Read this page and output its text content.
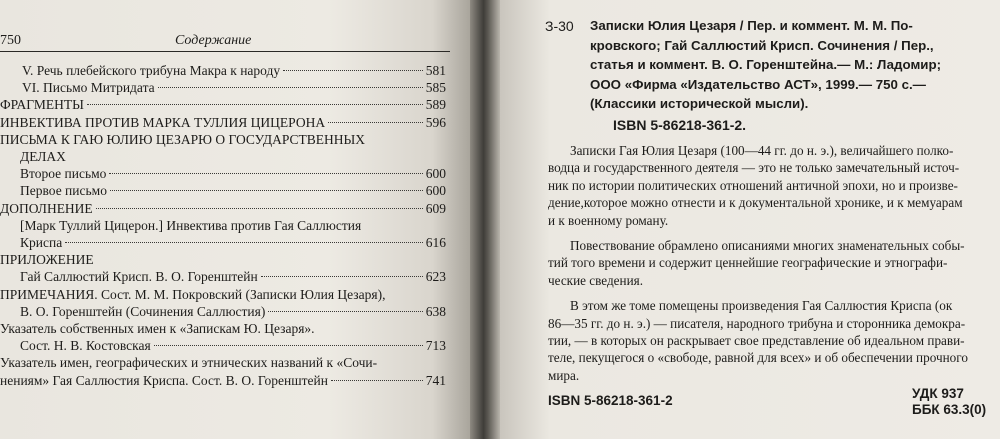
750	Содержание
V. Речь плебейского трибуна Макра к народу	581
VI. Письмо Митридата	585
ФРАГМЕНТЫ	589
ИНВЕКТИВА ПРОТИВ МАРКА ТУЛЛИЯ ЦИЦЕРОНА	596
ПИСЬМА К ГАЮ ЮЛИЮ ЦЕЗАРЮ О ГОСУДАРСТВЕННЫХ
ДЕЛАХ
Второе письмо	600
Первое письмо	600
ДОПОЛНЕНИЕ	609
[Марк Туллий Цицерон.] Инвектива против Гая Саллюстия
Криспа	616
ПРИЛОЖЕНИЕ
Гай Саллюстий Крисп. В. О. Горенштейн	623
ПРИМЕЧАНИЯ. Сост. М. М. Покровский (Записки Юлия Цезаря),
В. О. Горенштейн (Сочинения Саллюстия)	638
Указатель собственных имен к «Запискам Ю. Цезаря».
Сост. Н. В. Костовская	713
Указатель имен, географических и этнических названий к «Сочи-
нениям» Гая Саллюстия Криспа. Сост. В. О. Горенштейн	741
З-30 Записки Юлия Цезаря / Пер. и коммент. М. М. По-
кровского; Гай Саллюстий Крисп. Сочинения / Пер.,
статья и коммент. В. О. Горенштейна.— М.: Ладомир;
ООО «Фирма «Издательство АСТ», 1999.— 750 с.—
(Классики исторической мысли).
ISBN 5-86218-361-2.
Записки Гая Юлия Цезаря (100—44 гг. до н. э.), величайшего полко-
водца и государственного деятеля — это не только замечательный источ-
ник по истории политических отношений античной эпохи, но и произве-
дение,которое можно отнести и к документальной хронике, и к мемуарам
и к военному роману.
Повествование обрамлено описаниями многих знаменательных собы-
тий того времени и содержит ценнейшие географические и этнографи-
ческие сведения.
В этом же томе помещены произведения Гая Саллюстия Криспа (ок
86—35 гг. до н. э.) — писателя, народного трибуна и сторонника демокра-
тии, — в которых он раскрывает свое представление об идеальном прави-
теле, пекущегося о «свободе, равной для всех» и об обеспечении прочного
мира.
ISBN 5-86218-361-2	УДК 937
ББК 63.3(0)
